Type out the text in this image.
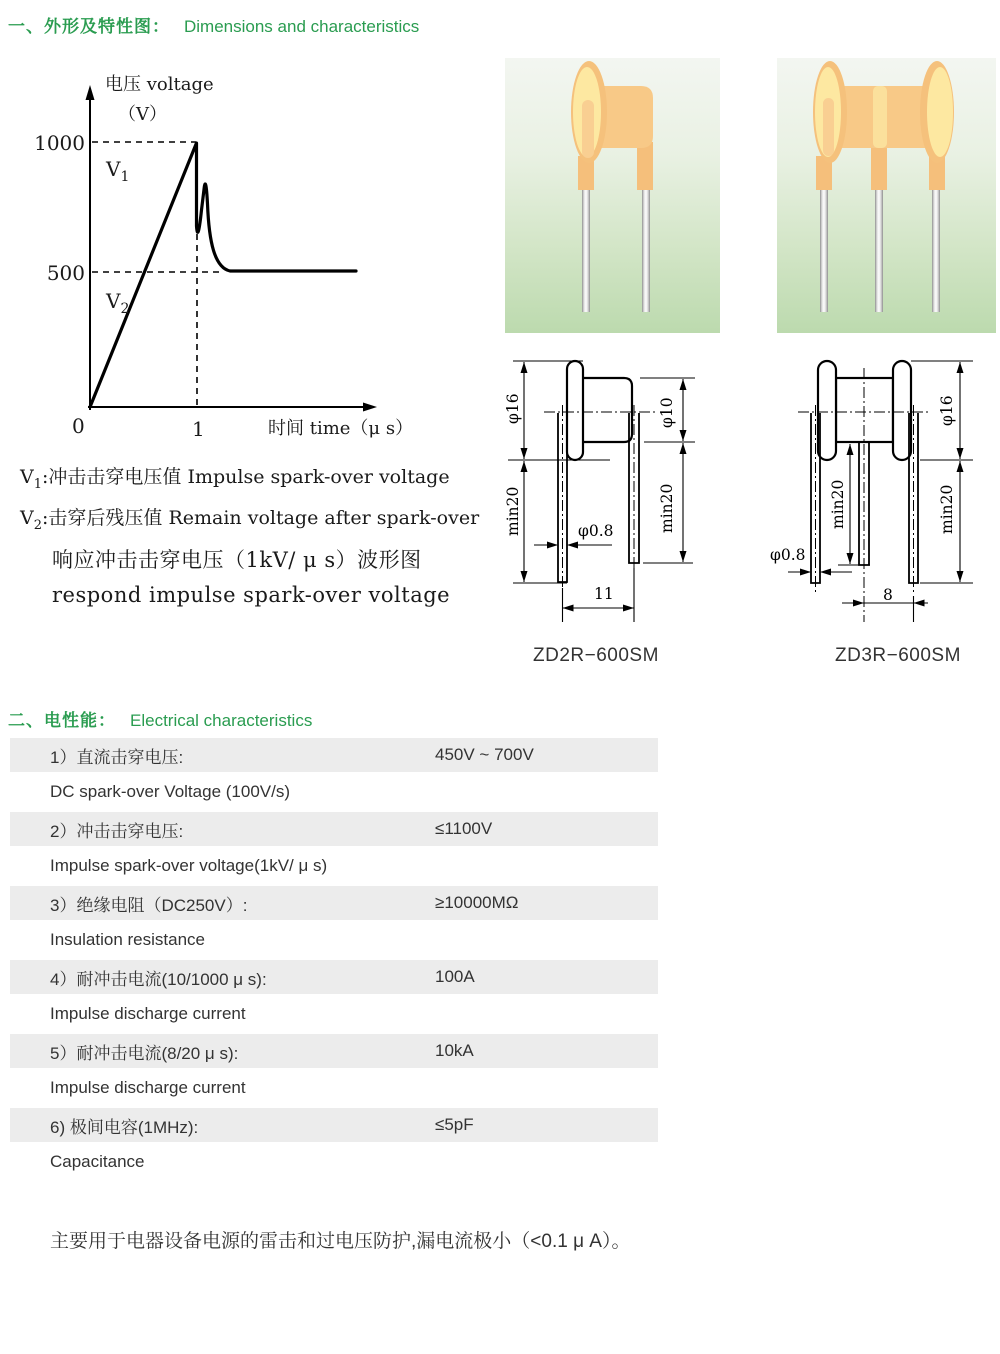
一、外形及特性图： Dimensions and characteristics
电压 voltage
（V）
1000
500
$V_1$
$V_2$
0	1	时间 time（μ s）
$V_1$:冲击击穿电压值 Impulse spark-over voltage
$V_2$:击穿后残压值 Remain voltage after spark-over
响应冲击击穿电压（1kV/ μ s）波形图
respond impulse spark-over voltage
φ16	φ10
min20
min20	φ0.8
11
φ16
min20
min20
φ0.8
8
ZD2R−600SM	ZD3R−600SM
二、电性能： Electrical characteristics
1）直流击穿电压:	450V ~ 700V
DC spark-over Voltage (100V/s)
2）冲击击穿电压:	≤1100V
Impulse spark-over voltage(1kV/ μ s)
3）绝缘电阻（DC250V）:	≥10000MΩ
Insulation resistance
4）耐冲击电流(10/1000 μ s):	100A
Impulse discharge current
5）耐冲击电流(8/20 μ s):	10kA
Impulse discharge current
6) 极间电容(1MHz):	≤5pF
Capacitance
主要用于电器设备电源的雷击和过电压防护,漏电流极小（<0.1 μ A）。
